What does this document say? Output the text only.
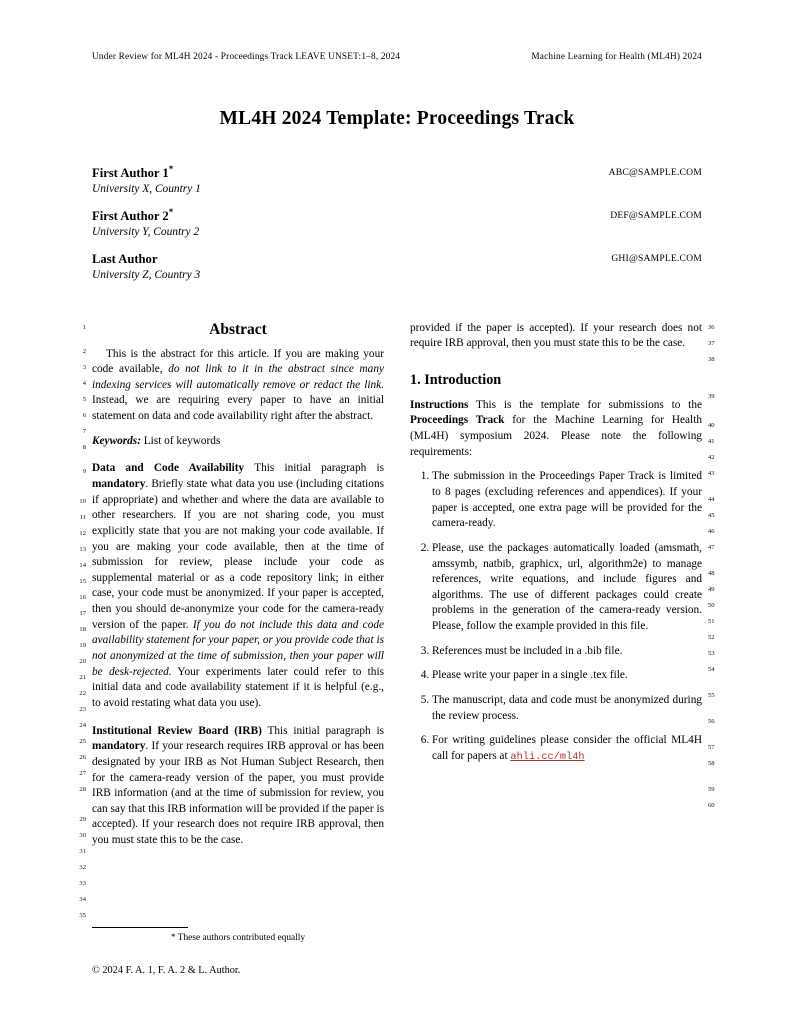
Under Review for ML4H 2024 - Proceedings Track LEAVE UNSET:1–8, 2024	Machine Learning for Health (ML4H) 2024
ML4H 2024 Template: Proceedings Track
First Author 1*
University X, Country 1
ABC@SAMPLE.COM
First Author 2*
University Y, Country 2
DEF@SAMPLE.COM
Last Author
University Z, Country 3
GHI@SAMPLE.COM
1
2
3
4
5
6
7
8
9
10
11
12
13
14
15
16
17
18
19
20
21
22
23
24
25
26
27
28
29
30
31
32
33
34
35
Abstract

This is the abstract for this article. If you are making your code available, do not link to it in the abstract since many indexing services will automatically remove or redact the link. Instead, we are requiring every paper to have an initial statement on data and code availability right after the abstract.

Keywords: List of keywords

Data and Code Availability This initial paragraph is mandatory. Briefly state what data you use (including citations if appropriate) and whether and where the data are available to other researchers. If you are not sharing code, you must explicitly state that you are not making your code available. If you are making your code available, then at the time of submission for review, please include your code as supplemental material or as a code repository link; in either case, your code must be anonymized. If your paper is accepted, then you should de-anonymize your code for the camera-ready version of the paper. If you do not include this data and code availability statement for your paper, or you provide code that is not anonymized at the time of submission, then your paper will be desk-rejected. Your experiments later could refer to this initial data and code availability statement if it is helpful (e.g., to avoid restating what data you use).

Institutional Review Board (IRB) This initial paragraph is mandatory. If your research requires IRB approval or has been designated by your IRB as Not Human Subject Research, then for the camera-ready version of the paper, you must provide IRB information (and at the time of submission for review, you can say that this IRB information will be provided if the paper is accepted). If your research does not require IRB approval, then you must state this to be the case.

36
37
38
39
40
41
42
43
44
45
46
47
48
49
50
51
52
53
54
55
56
57
58
59
60

provided if the paper is accepted). If your research does not require IRB approval, then you must state this to be the case.

1. Introduction

Instructions This is the template for submissions to the Proceedings Track for the Machine Learning for Health (ML4H) symposium 2024. Please note the following requirements:

1. The submission in the Proceedings Paper Track is limited to 8 pages (excluding references and appendices). If your paper is accepted, one extra page will be provided for the camera-ready.
2. Please, use the packages automatically loaded (amsmath, amssymb, natbib, graphicx, url, algorithm2e) to manage references, write equations, and include figures and algorithms. The use of different packages could create problems in the generation of the camera-ready version. Please, follow the example provided in this file.
3. References must be included in a .bib file.
4. Please write your paper in a single .tex file.
5. The manuscript, data and code must be anonymized during the review process.
6. For writing guidelines please consider the official ML4H call for papers at ahli.cc/ml4h

* These authors contributed equally

© 2024 F. A. 1, F. A. 2 & L. Author.
